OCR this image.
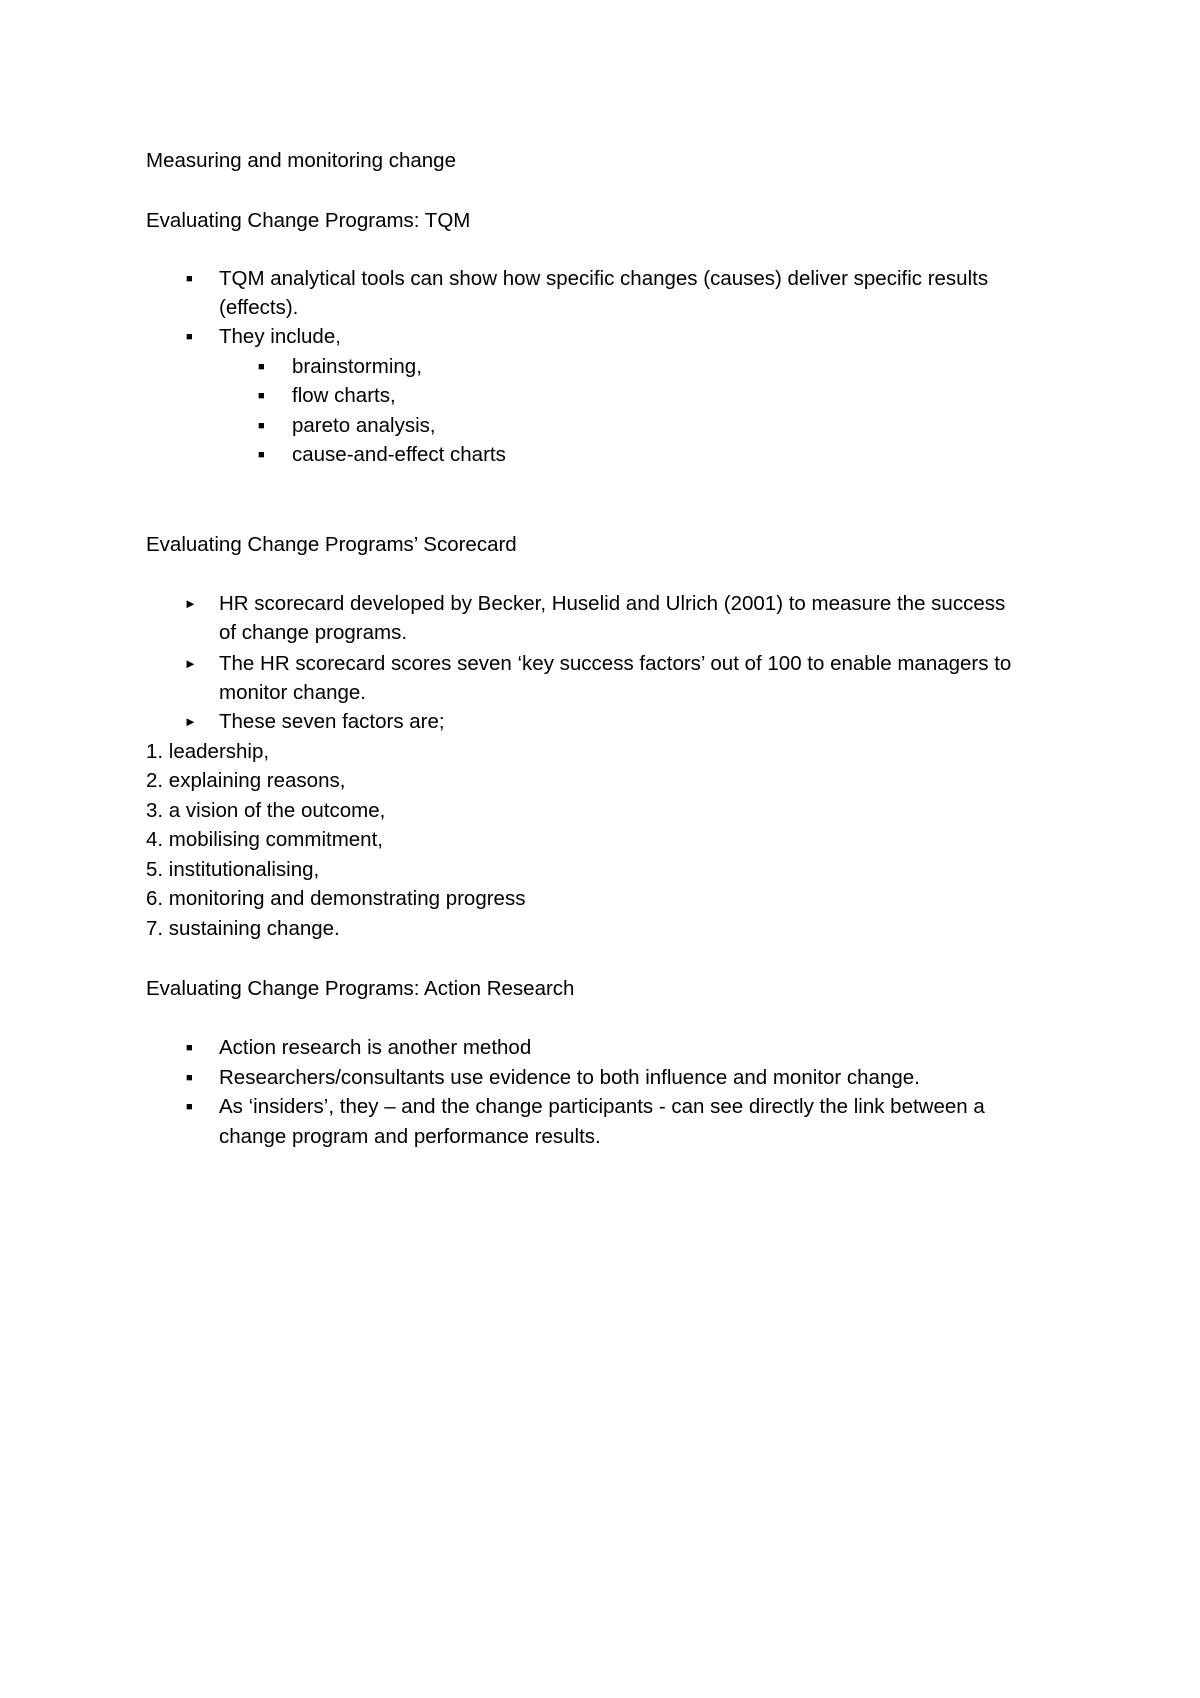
Measuring and monitoring change
Evaluating Change Programs: TQM
■ TQM analytical tools can show how specific changes (causes) deliver specific results
(effects).
■ They include,
■ brainstorming,
■ flow charts,
■ pareto analysis,
■ cause-and-effect charts
Evaluating Change Programs’ Scorecard
► HR scorecard developed by Becker, Huselid and Ulrich (2001) to measure the success
of change programs.
► The HR scorecard scores seven ‘key success factors’ out of 100 to enable managers to
monitor change.
► These seven factors are;
1. leadership,
2. explaining reasons,
3. a vision of the outcome,
4. mobilising commitment,
5. institutionalising,
6. monitoring and demonstrating progress
7. sustaining change.
Evaluating Change Programs: Action Research
■ Action research is another method
■ Researchers/consultants use evidence to both influence and monitor change.
■ As ‘insiders’, they – and the change participants - can see directly the link between a
change program and performance results.
